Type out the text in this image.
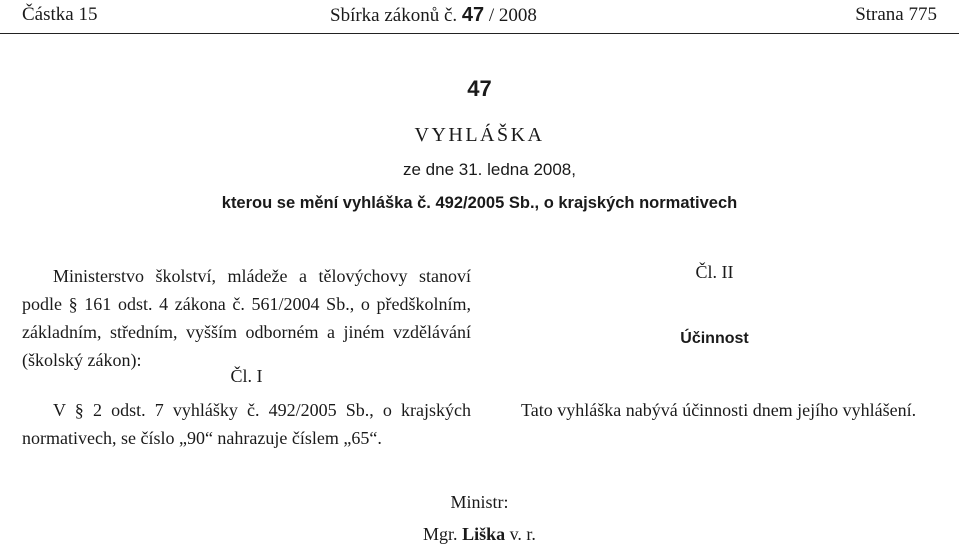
Částka 15	Sbírka zákonů č. 47 / 2008	Strana 775
47
VYHLÁŠKA
ze dne 31. ledna 2008,
kterou se mění vyhláška č. 492/2005 Sb., o krajských normativech

Ministerstvo školství, mládeže a tělovýchovy stanoví podle § 161 odst. 4 zákona č. 561/2004 Sb., o předškolním, základním, středním, vyšším odborném a jiném vzdělávání (školský zákon):

Čl. I

V § 2 odst. 7 vyhlášky č. 492/2005 Sb., o krajských normativech, se číslo „90“ nahrazuje číslem „65“.

Čl. II
Účinnost

Tato vyhláška nabývá účinnosti dnem jejího vyhlášení.

Ministr:
Mgr. Liška v. r.
